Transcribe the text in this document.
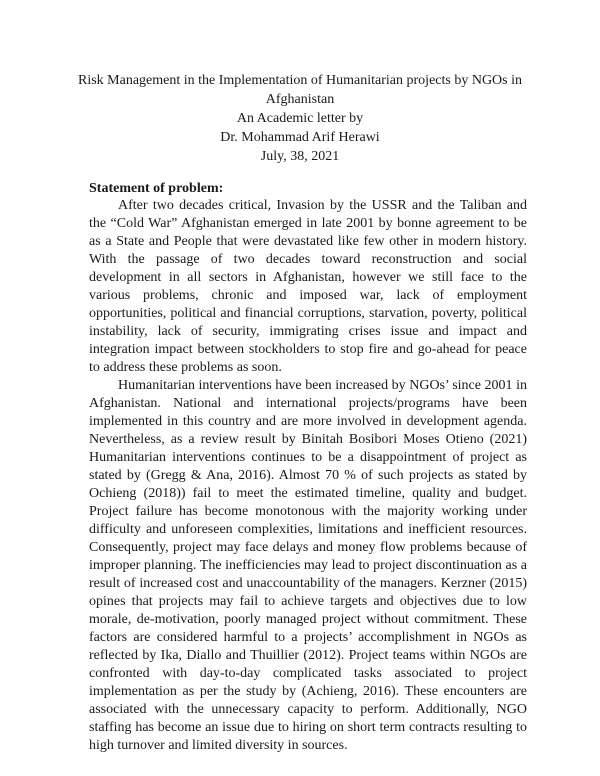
Risk Management in the Implementation of Humanitarian projects by NGOs in
Afghanistan
An Academic letter by
Dr. Mohammad Arif Herawi
July, 38, 2021
Statement of problem:

After two decades critical, Invasion by the USSR and the Taliban and the “Cold War” Afghanistan emerged in late 2001 by bonne agreement to be as a State and People that were devastated like few other in modern history. With the passage of two decades toward reconstruction and social development in all sectors in Afghanistan, however we still face to the various problems, chronic and imposed war, lack of employment opportunities, political and financial corruptions, starvation, poverty, political instability, lack of security, immigrating crises issue and impact and integration impact between stockholders to stop fire and go-ahead for peace to address these problems as soon.

Humanitarian interventions have been increased by NGOs’ since 2001 in Afghanistan. National and international projects/programs have been implemented in this country and are more involved in development agenda. Nevertheless, as a review result by Binitah Bosibori Moses Otieno (2021) Humanitarian interventions continues to be a disappointment of project as stated by (Gregg & Ana, 2016). Almost 70 % of such projects as stated by Ochieng (2018)) fail to meet the estimated timeline, quality and budget. Project failure has become monotonous with the majority working under difficulty and unforeseen complexities, limitations and inefficient resources. Consequently, project may face delays and money flow problems because of improper planning. The inefficiencies may lead to project discontinuation as a result of increased cost and unaccountability of the managers. Kerzner (2015) opines that projects may fail to achieve targets and objectives due to low morale, de-motivation, poorly managed project without commitment. These factors are considered harmful to a projects’ accomplishment in NGOs as reflected by Ika, Diallo and Thuillier (2012). Project teams within NGOs are confronted with day-to-day complicated tasks associated to project implementation as per the study by (Achieng, 2016). These encounters are associated with the unnecessary capacity to perform. Additionally, NGO staffing has become an issue due to hiring on short term contracts resulting to high turnover and limited diversity in sources.
